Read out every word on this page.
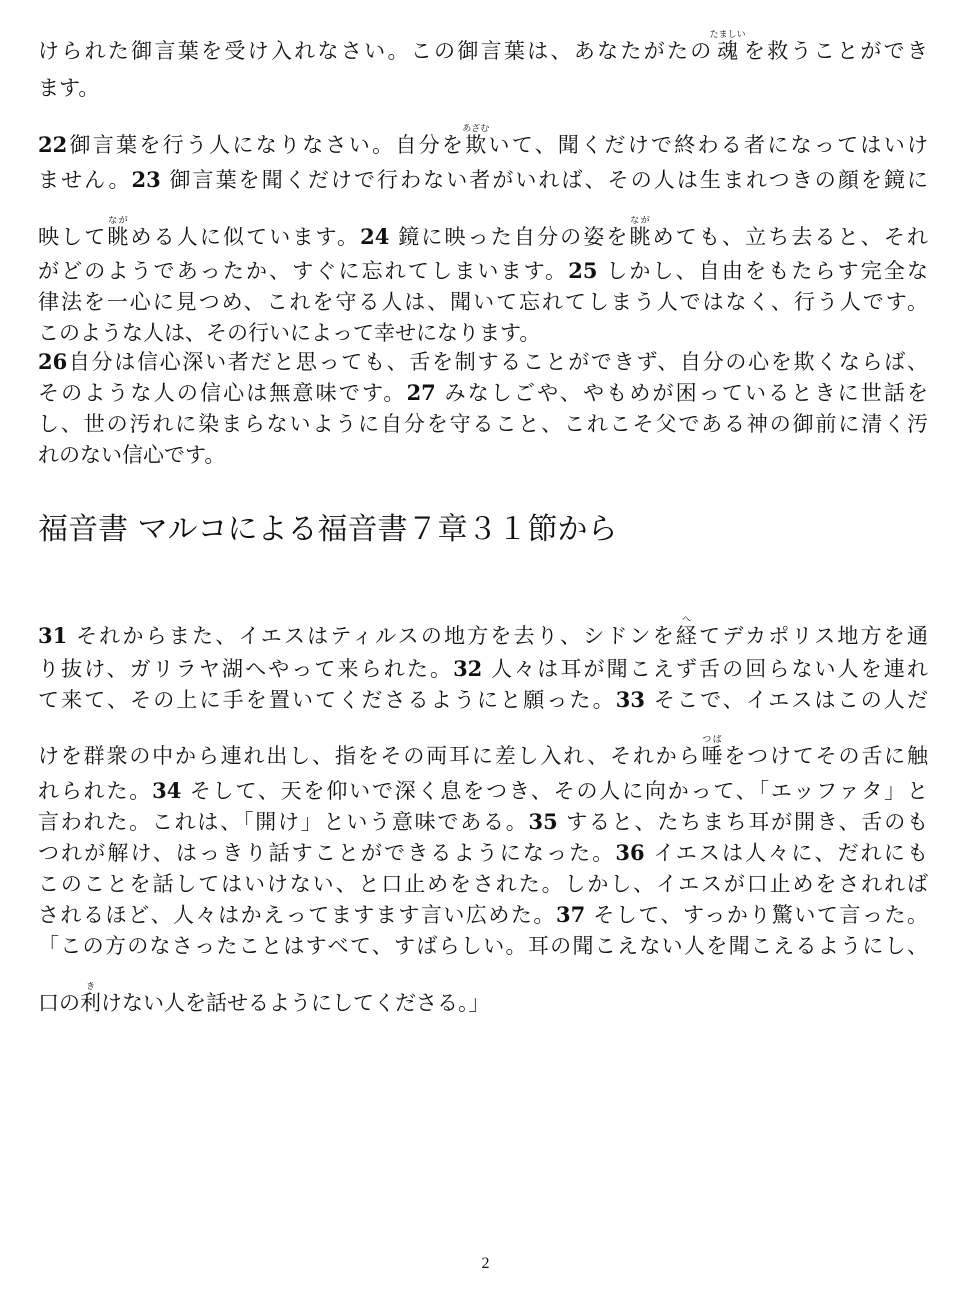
けられた御言葉を受け入れなさい。この御言葉は、あなたがたの魂たましいを救うことができ
ます。
22御言葉を行う人になりなさい。自分を欺あざむいて、聞くだけで終わる者になってはいけ
ません。23 御言葉を聞くだけで行わない者がいれば、その人は生まれつきの顔を鏡に
映して眺ながめる人に似ています。24 鏡に映った自分の姿を眺ながめても、立ち去ると、それ
がどのようであったか、すぐに忘れてしまいます。25 しかし、自由をもたらす完全な
律法を一心に見つめ、これを守る人は、聞いて忘れてしまう人ではなく、行う人です。
このような人は、その行いによって幸せになります。
26自分は信心深い者だと思っても、舌を制することができず、自分の心を欺くならば、
そのような人の信心は無意味です。27 みなしごや、やもめが困っているときに世話を
し、世の汚れに染まらないように自分を守ること、これこそ父である神の御前に清く汚
れのない信心です。
福音書 マルコによる福音書７章３１節から
31 それからまた、イエスはティルスの地方を去り、シドンを経へてデカポリス地方を通
り抜け、ガリラヤ湖へやって来られた。32 人々は耳が聞こえず舌の回らない人を連れ
て来て、その上に手を置いてくださるようにと願った。33 そこで、イエスはこの人だ
けを群衆の中から連れ出し、指をその両耳に差し入れ、それから唾つばをつけてその舌に触
れられた。34 そして、天を仰いで深く息をつき、その人に向かって、「エッファタ」と
言われた。これは、「開け」という意味である。35 すると、たちまち耳が開き、舌のも
つれが解け、はっきり話すことができるようになった。36 イエスは人々に、だれにも
このことを話してはいけない、と口止めをされた。しかし、イエスが口止めをされれば
されるほど、人々はかえってますます言い広めた。37 そして、すっかり驚いて言った。
「この方のなさったことはすべて、すばらしい。耳の聞こえない人を聞こえるようにし、
口の利きけない人を話せるようにしてくださる。」
2
